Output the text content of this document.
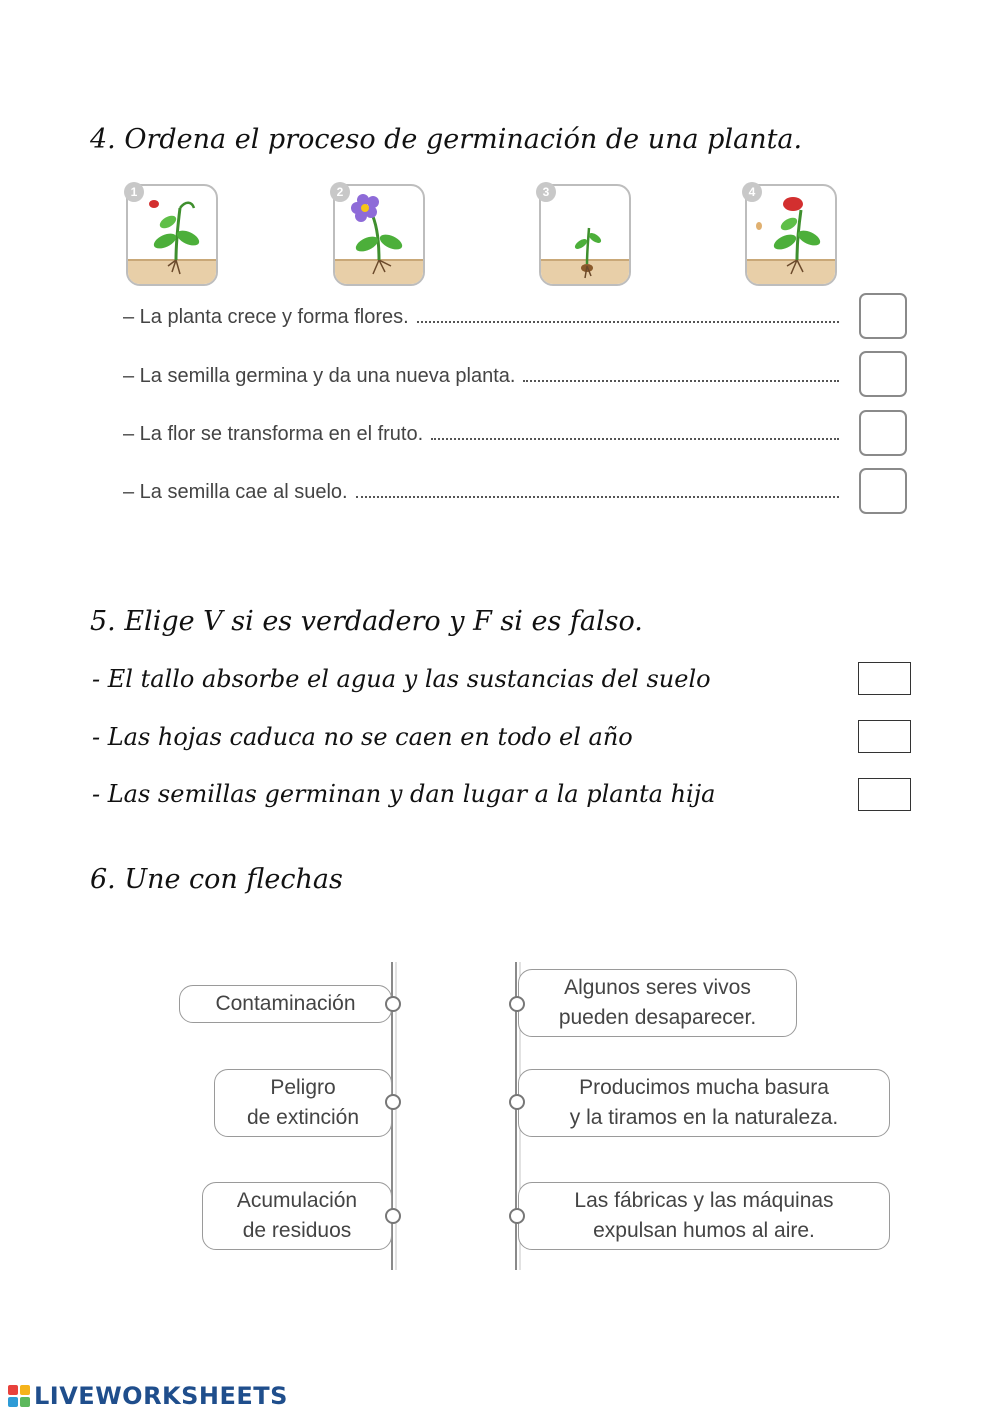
4. Ordena el proceso de germinación de una planta.
1	2	3	4
– La planta crece y forma flores.
– La semilla germina y da una nueva planta.
– La flor se transforma en el fruto.
– La semilla cae al suelo.
5. Elige V si es verdadero y F si es falso.
- El tallo absorbe el agua y las sustancias del suelo
- Las hojas caduca no se caen en todo el año
- Las semillas germinan y dan lugar a la planta hija
6. Une con flechas
Contaminación
Peligro
de extinción
Acumulación
de residuos
Algunos seres vivos
pueden desaparecer.
Producimos mucha basura
y la tiramos en la naturaleza.
Las fábricas y las máquinas
expulsan humos al aire.
LIVEWORKSHEETS
